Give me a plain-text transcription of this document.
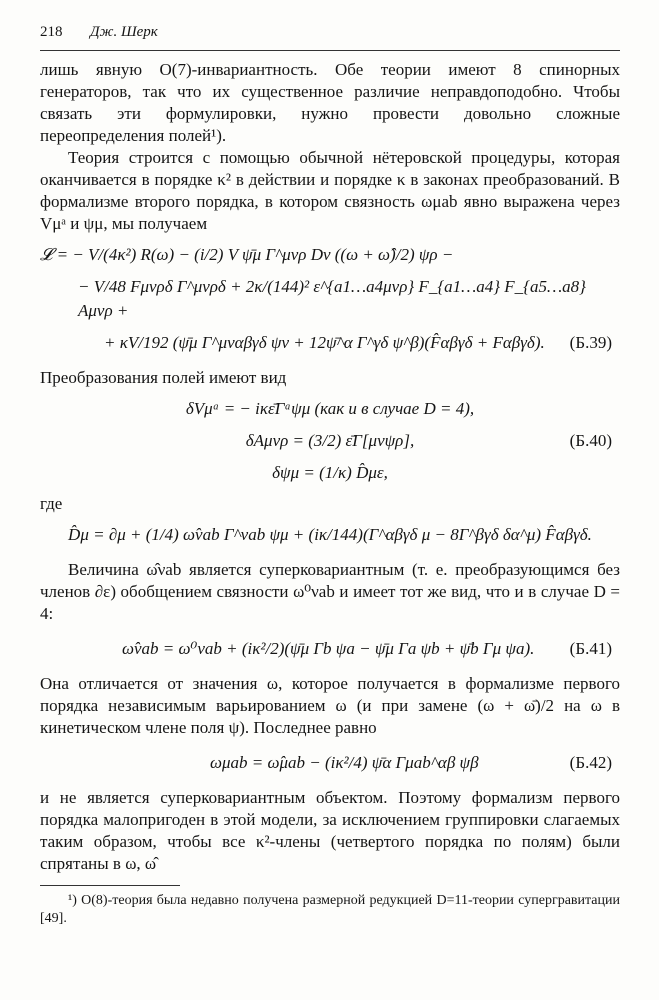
218	Дж. Шерк

лишь явную O(7)-инвариантность. Обе теории имеют 8 спинорных генераторов, так что их существенное различие неправдоподобно. Чтобы связать эти формулировки, нужно провести довольно сложные переопределения полей¹).

Теория строится с помощью обычной нётеровской процедуры, которая оканчивается в порядке κ² в действии и порядке κ в законах преобразований. В формализме второго порядка, в котором связность ωμab явно выражена через Vμᵃ и ψμ, мы получаем

𝓛 = − V/(4κ²) R(ω) − (i/2) V ψ̄μ Γ^μνρ Dν ((ω + ω̂)/2) ψρ −
− V/48 Fμνρδ Γ^μνρδ + 2κ/(144)² ε^{a1…a4μνρ} F_{a1…a4} F_{a5…a8} Aμνρ +
+ κV/192 (ψ̄μ Γ^μναβγδ ψν + 12ψ̄^α Γ^γδ ψ^β)(F̂αβγδ + Fαβγδ). (Б.39)

Преобразования полей имеют вид

δVμᵃ = − iκε̄Γᵃψμ (как и в случае D = 4),
δAμνρ = (3/2) ε̄Γ[μνψρ],	(Б.40)
δψμ = (1/κ) D̂με,

где

D̂μ = ∂μ + (1/4) ω̂νab Γ^νab ψμ + (iκ/144)(Γ^αβγδ μ − 8Γ^βγδ δα^μ) F̂αβγδ.

Величина ω̂νab является суперковариантным (т. е. преобразующимся без членов ∂ε) обобщением связности ω⁰νab и имеет тот же вид, что и в случае D = 4:

ω̂νab = ω⁰νab + (iκ²/2)(ψ̄μ Γb ψa − ψ̄μ Γa ψb + ψ̄b Γμ ψa). (Б.41)

Она отличается от значения ω, которое получается в формализме первого порядка независимым варьированием ω (и при замене (ω + ω̄)/2 на ω в кинетическом члене поля ψ). Последнее равно

ωμab = ω̂μab − (iκ²/4) ψ̄α Γμab^αβ ψβ	(Б.42)

и не является суперковариантным объектом. Поэтому формализм первого порядка малопригоден в этой модели, за исключением группировки слагаемых таким образом, чтобы все κ²-члены (четвертого порядка по полям) были спрятаны в ω, ω̂

¹) O(8)-теория была недавно получена размерной редукцией D=11-теории супергравитации [49].
